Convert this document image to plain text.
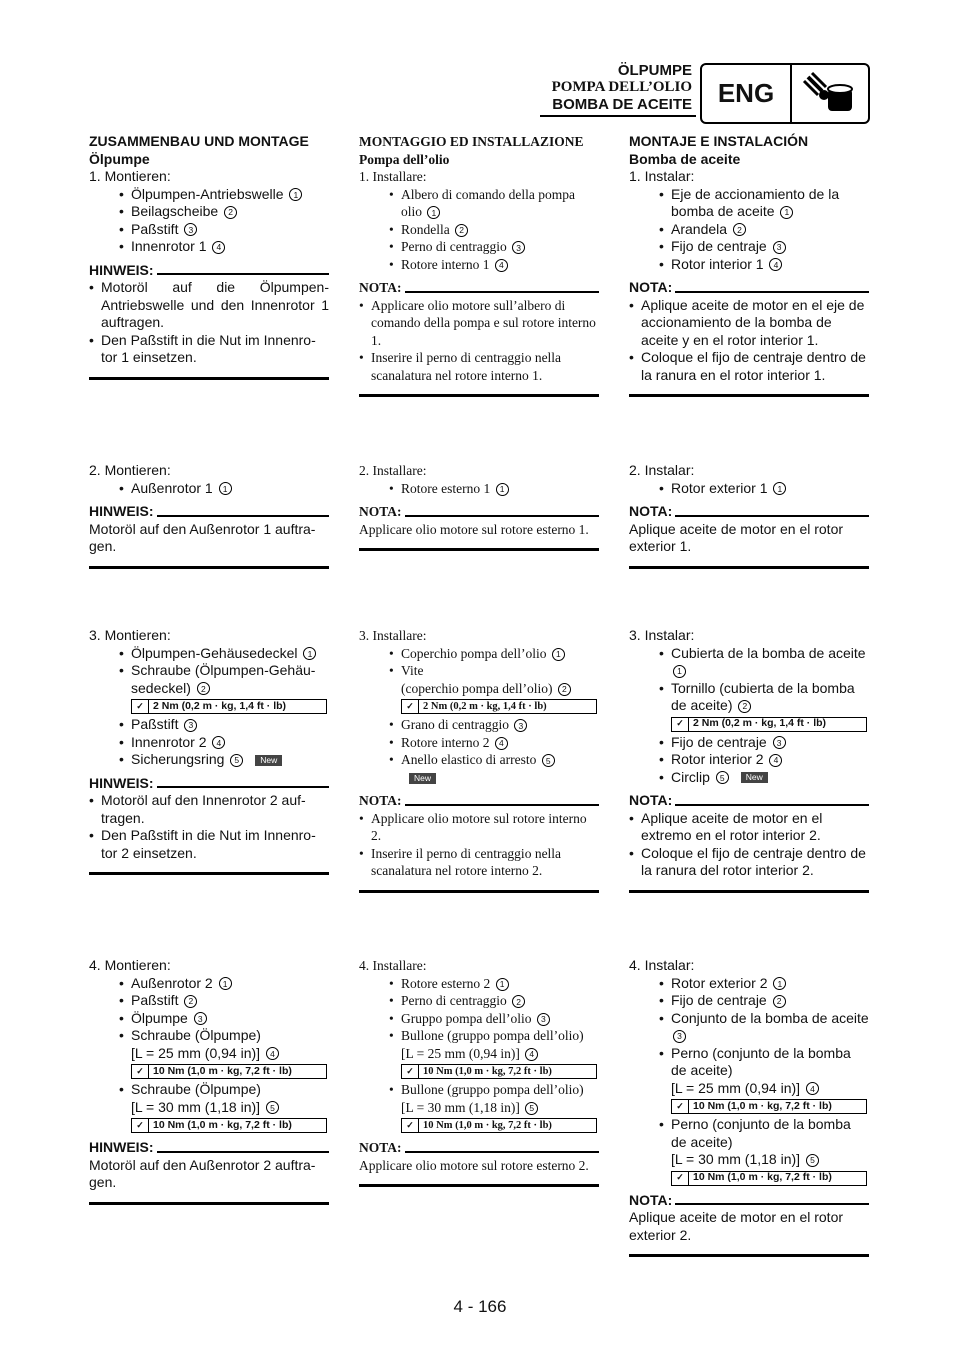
ÖLPUMPE
POMPA DELL’OLIO
BOMBA DE ACEITE ENG
ZUSAMMENBAU UND MONTAGE
Ölpumpe
1. Montieren:
• Ölpumpen-Antriebswelle 1
• Beilagscheibe 2
• Paßstift 3
• Innenrotor 1 4
HINWEIS:
• Motoröl auf die Ölpumpen-Antriebswelle und den Innenrotor 1 auftragen.
• Den Paßstift in die Nut im Innenro-tor 1 einsetzen.
2. Montieren:
• Außenrotor 1 1
HINWEIS:
Motoröl auf den Außenrotor 1 auftra-gen.
3. Montieren:
• Ölpumpen-Gehäusedeckel 1
• Schraube (Ölpumpen-Gehäu-sedeckel) 2
✓ 2 Nm (0,2 m · kg, 1,4 ft · lb)
• Paßstift 3
• Innenrotor 2 4
• Sicherungsring 5 New
HINWEIS:
• Motoröl auf den Innenrotor 2 auf-tragen.
• Den Paßstift in die Nut im Innenro-tor 2 einsetzen.
4. Montieren:
• Außenrotor 2 1
• Paßstift 2
• Ölpumpe 3
• Schraube (Ölpumpe)
[L = 25 mm (0,94 in)] 4
✓ 10 Nm (1,0 m · kg, 7,2 ft · lb)
• Schraube (Ölpumpe)
[L = 30 mm (1,18 in)] 5
✓ 10 Nm (1,0 m · kg, 7,2 ft · lb)
HINWEIS:
Motoröl auf den Außenrotor 2 auftra-gen.
MONTAGGIO ED INSTALLAZIONE
Pompa dell’olio
1. Installare:
• Albero di comando della pompa olio 1
• Rondella 2
• Perno di centraggio 3
• Rotore interno 1 4
NOTA:
• Applicare olio motore sull’albero di comando della pompa e sul rotore interno 1.
• Inserire il perno di centraggio nella scanalatura nel rotore interno 1.
2. Installare:
• Rotore esterno 1 1
NOTA:
Applicare olio motore sul rotore esterno 1.
3. Installare:
• Coperchio pompa dell’olio 1
• Vite
(coperchio pompa dell’olio) 2
✓ 2 Nm (0,2 m · kg, 1,4 ft · lb)
• Grano di centraggio 3
• Rotore interno 2 4
• Anello elastico di arresto 5
New
NOTA:
• Applicare olio motore sul rotore interno 2.
• Inserire il perno di centraggio nella scanalatura nel rotore interno 2.
4. Installare:
• Rotore esterno 2 1
• Perno di centraggio 2
• Gruppo pompa dell’olio 3
• Bullone (gruppo pompa dell’olio)
[L = 25 mm (0,94 in)] 4
✓ 10 Nm (1,0 m · kg, 7,2 ft · lb)
• Bullone (gruppo pompa dell’olio)
[L = 30 mm (1,18 in)] 5
✓ 10 Nm (1,0 m · kg, 7,2 ft · lb)
NOTA:
Applicare olio motore sul rotore esterno 2.
MONTAJE E INSTALACIÓN
Bomba de aceite
1. Instalar:
• Eje de accionamiento de la bomba de aceite 1
• Arandela 2
• Fijo de centraje 3
• Rotor interior 1 4
NOTA:
• Aplique aceite de motor en el eje de accionamiento de la bomba de aceite y en el rotor interior 1.
• Coloque el fijo de centraje dentro de la ranura en el rotor interior 1.
2. Instalar:
• Rotor exterior 1 1
NOTA:
Aplique aceite de motor en el rotor exterior 1.
3. Instalar:
• Cubierta de la bomba de aceite 1
• Tornillo (cubierta de la bomba de aceite) 2
✓ 2 Nm (0,2 m · kg, 1,4 ft · lb)
• Fijo de centraje 3
• Rotor interior 2 4
• Circlip 5 New
NOTA:
• Aplique aceite de motor en el extremo en el rotor interior 2.
• Coloque el fijo de centraje dentro de la ranura del rotor interior 2.
4. Instalar:
• Rotor exterior 2 1
• Fijo de centraje 2
• Conjunto de la bomba de aceite 3
• Perno (conjunto de la bomba de aceite)
[L = 25 mm (0,94 in)] 4
✓ 10 Nm (1,0 m · kg, 7,2 ft · lb)
• Perno (conjunto de la bomba de aceite)
[L = 30 mm (1,18 in)] 5
✓ 10 Nm (1,0 m · kg, 7,2 ft · lb)
NOTA:
Aplique aceite de motor en el rotor exterior 2.
4 - 166
